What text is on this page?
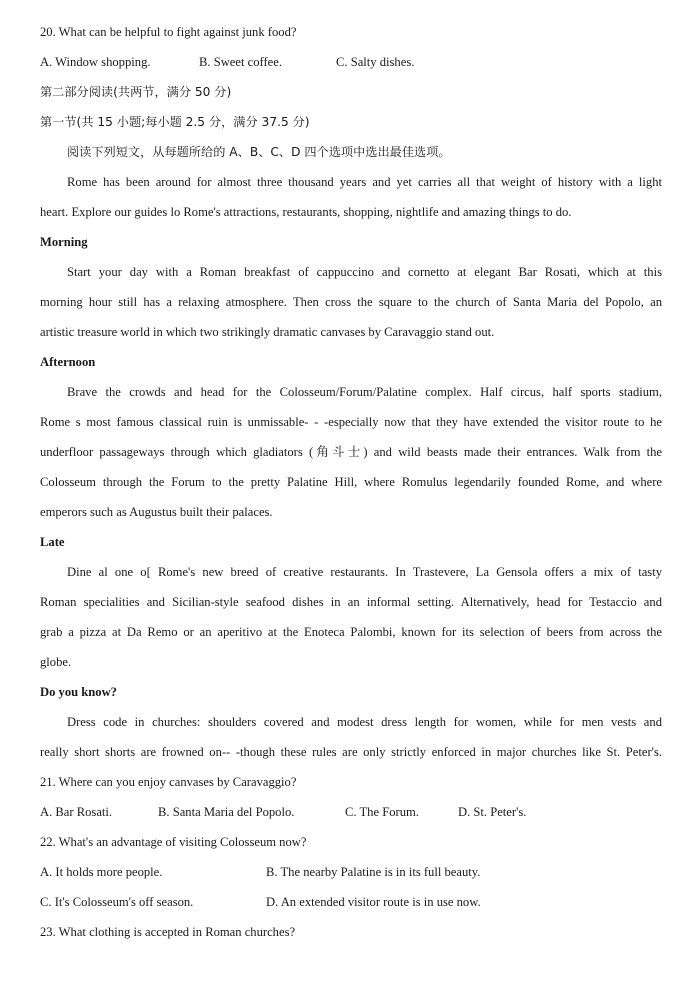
20. What can be helpful to fight against junk food?
A. Window shopping.	B. Sweet coffee.	C. Salty dishes.
第二部分阅读(共两节，满分 50 分)
第一节(共 15 小题;每小题 2.5 分，满分 37.5 分)
阅读下列短文，从每题所给的 A、B、C、D 四个选项中选出最佳选项。
Rome has been around for almost three thousand years and yet carries all that weight of history with a light
heart. Explore our guides lo Rome's attractions, restaurants, shopping, nightlife and amazing things to do.
Morning
Start your day with a Roman breakfast of cappuccino and cornetto at elegant Bar Rosati, which at this
morning hour still has a relaxing atmosphere. Then cross the square to the church of Santa Maria del Popolo, an
artistic treasure world in which two strikingly dramatic canvases by Caravaggio stand out.
Afternoon
Brave the crowds and head for the Colosseum/Forum/Palatine complex. Half circus, half sports stadium,
Rome s most famous classical ruin is unmissable- - -especially now that they have extended the visitor route to he
underfloor passageways through which gladiators (角斗士) and wild beasts made their entrances. Walk from the
Colosseum through the Forum to the pretty Palatine Hill, where Romulus legendarily founded Rome, and where
emperors such as Augustus built their palaces.
Late
Dine al one o[ Rome's new breed of creative restaurants. In Trastevere, La Gensola offers a mix of tasty
Roman specialities and Sicilian-style seafood dishes in an informal setting. Alternatively, head for Testaccio and
grab a pizza at Da Remo or an aperitivo at the Enoteca Palombi, known for its selection of beers from across the
globe.
Do you know?
Dress code in churches: shoulders covered and modest dress length for women, while for men vests and
really short shorts are frowned on-- -though these rules are only strictly enforced in major churches like St. Peter's.
21. Where can you enjoy canvases by Caravaggio?
A. Bar Rosati.	B. Santa Maria del Popolo.	C. The Forum.	D. St. Peter's.
22. What's an advantage of visiting Colosseum now?
A. It holds more people.	B. The nearby Palatine is in its full beauty.
C. It's Colosseum's off season.	D. An extended visitor route is in use now.
23. What clothing is accepted in Roman churches?
